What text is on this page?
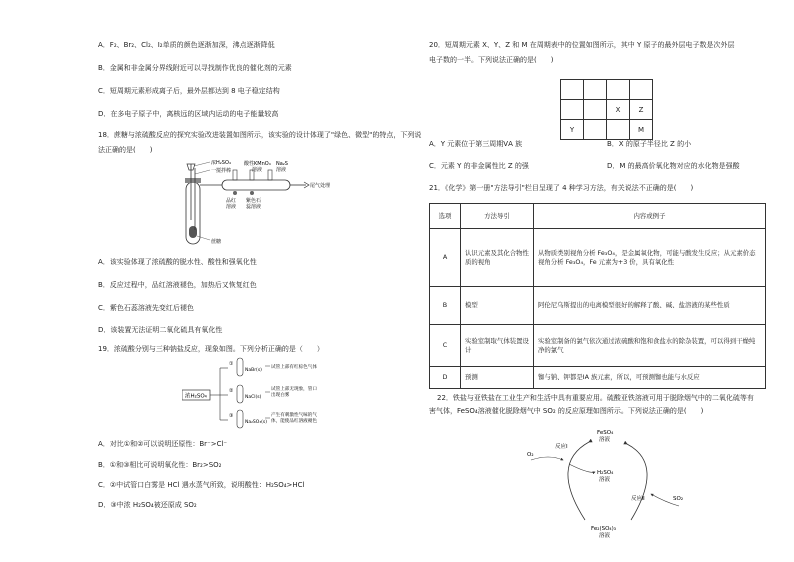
A．F₂、Br₂、Cl₂、I₂单质的颜色逐渐加深，沸点逐渐降低
B．金属和非金属分界线附近可以寻找制作优良的催化剂的元素
C．短周期元素形成离子后，最外层都达到 8 电子稳定结构
D．在多电子原子中，离核远的区域内运动的电子能量较高
18．蔗糖与浓硫酸反应的探究实验改进装置如图所示，该实验的设计体现了"绿色、微型"的特点，下列说
法正确的是(　　)
浓H₂SO₄
一搅拌棒
酸性KMnO₄
溶液
Na₂S
溶液
尾气处理
品红
溶液
紫色石
蕊溶液
蔗糖
A．该实验体现了浓硫酸的脱水性、酸性和强氧化性
B．反应过程中，品红溶液褪色，加热后又恢复红色
C．紫色石蕊溶液先变红后褪色
D．该装置无法证明二氧化硫具有氧化性
19．浓硫酸分别与三种钠盐反应，现象如图。下列分析正确的是（　　）
浓H₂SO₄
①
②
③
NaBr(s)
NaCl(s)
Na₂SO₃(s)
试管上部有红棕色气体
试管上部无现象，管口
出现白雾
产生有刺激性气味的气
体，能使品红溶液褪色
A．对比①和②可以说明还原性：Br⁻>Cl⁻
B．①和③相比可说明氧化性：Br₂>SO₂
C．②中试管口白雾是 HCl 遇水蒸气所致，说明酸性：H₂SO₄>HCl
D．③中浓 H₂SO₄被还原成 SO₂
20．短周期元素 X、Y、Z 和 M 在周期表中的位置如图所示，其中 Y 原子的最外层电子数是次外层
电子数的一半。下列说法正确的是(　　)

		X	Z
Y			M
A．Y 元素位于第三周期ⅤA 族	B．X 的原子半径比 Z 的小
C．元素 Y 的非金属性比 Z 的强	D．M 的最高价氧化物对应的水化物是强酸
21．《化学》第一册"方法导引"栏目呈现了 4 种学习方法，有关说法不正确的是(　　)
选项	方法导引	内容或例子
A	认识元素及其化合物性质的视角	从物质类别视角分析 Fe₃O₄，是金属氧化物，可能与酸发生反应；从元素价态视角分析 Fe₃O₄，Fe 元素为+3 价，具有氧化性
B	模型	阿伦尼乌斯提出的电离模型很好的解释了酸、碱、盐溶液的某些性质
C	实验室制取气体装置设计	实验室制备的氯气依次通过浓硫酸和饱和食盐水的除杂装置，可以得到干燥纯净的氯气
D	预测	铷与钠、钾都是ⅠA 族元素，所以，可预测铷也能与水反应
22．铁盐与亚铁盐在工业生产和生活中具有重要应用。硫酸亚铁溶液可用于脱除烟气中的二氧化硫等有
害气体，FeSO₄溶液催化脱除烟气中 SO₂ 的反应原理如图所示。下列说法正确的是(　　)
FeSO₄
溶液
H₂SO₄
溶液
Fe₂(SO₄)₃
溶液
反应Ⅰ
反应Ⅱ
O₂
SO₂
